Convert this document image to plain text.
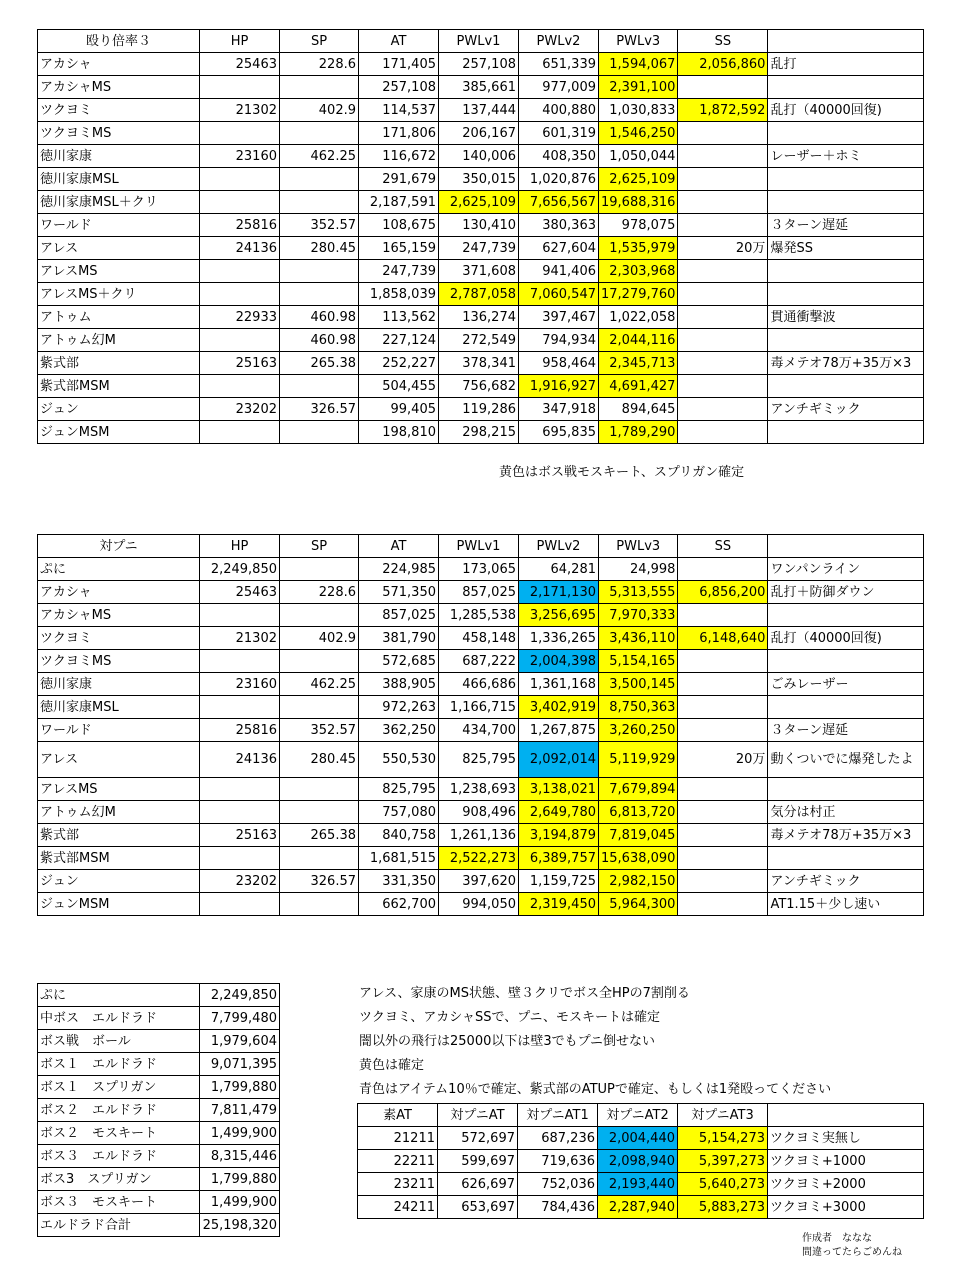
殴り倍率３	HP	SP	AT	PWLv1	PWLv2	PWLv3	SS	
アカシャ	25463	228.6	171,405	257,108	651,339	1,594,067	2,056,860	乱打
アカシャMS			257,108	385,661	977,009	2,391,100		
ツクヨミ	21302	402.9	114,537	137,444	400,880	1,030,833	1,872,592	乱打（40000回復)
ツクヨミMS			171,806	206,167	601,319	1,546,250		
徳川家康	23160	462.25	116,672	140,006	408,350	1,050,044		レーザー＋ホミ
徳川家康MSL			291,679	350,015	1,020,876	2,625,109		
徳川家康MSL＋クリ			2,187,591	2,625,109	7,656,567	19,688,316		
ワールド	25816	352.57	108,675	130,410	380,363	978,075		３ターン遅延
アレス	24136	280.45	165,159	247,739	627,604	1,535,979	20万	爆発SS
アレスMS			247,739	371,608	941,406	2,303,968		
アレスMS＋クリ			1,858,039	2,787,058	7,060,547	17,279,760		
アトゥム	22933	460.98	113,562	136,274	397,467	1,022,058		貫通衝撃波
アトゥム幻M		460.98	227,124	272,549	794,934	2,044,116		
紫式部	25163	265.38	252,227	378,341	958,464	2,345,713		毒メテオ78万+35万×3
紫式部MSM			504,455	756,682	1,916,927	4,691,427		
ジュン	23202	326.57	99,405	119,286	347,918	894,645		アンチギミック
ジュンMSM			198,810	298,215	695,835	1,789,290		
黄色はボス戦モスキート、スプリガン確定
対プニ	HP	SP	AT	PWLv1	PWLv2	PWLv3	SS	
ぷに	2,249,850		224,985	173,065	64,281	24,998		ワンパンライン
アカシャ	25463	228.6	571,350	857,025	2,171,130	5,313,555	6,856,200	乱打＋防御ダウン
アカシャMS			857,025	1,285,538	3,256,695	7,970,333		
ツクヨミ	21302	402.9	381,790	458,148	1,336,265	3,436,110	6,148,640	乱打（40000回復)
ツクヨミMS			572,685	687,222	2,004,398	5,154,165		
徳川家康	23160	462.25	388,905	466,686	1,361,168	3,500,145		ごみレーザー
徳川家康MSL			972,263	1,166,715	3,402,919	8,750,363		
ワールド	25816	352.57	362,250	434,700	1,267,875	3,260,250		３ターン遅延
アレス	24136	280.45	550,530	825,795	2,092,014	5,119,929	20万	動くついでに爆発したよ
アレスMS			825,795	1,238,693	3,138,021	7,679,894		
アトゥム幻M			757,080	908,496	2,649,780	6,813,720		気分は村正
紫式部	25163	265.38	840,758	1,261,136	3,194,879	7,819,045		毒メテオ78万+35万×3
紫式部MSM			1,681,515	2,522,273	6,389,757	15,638,090		
ジュン	23202	326.57	331,350	397,620	1,159,725	2,982,150		アンチギミック
ジュンMSM			662,700	994,050	2,319,450	5,964,300		AT1.15＋少し速い
ぷに	2,249,850
中ボス　エルドラド	7,799,480
ボス戦　ボール	1,979,604
ボス１　エルドラド	9,071,395
ボス１　スプリガン	1,799,880
ボス２　エルドラド	7,811,479
ボス２　モスキート	1,499,900
ボス３　エルドラド	8,315,446
ボス3　スプリガン	1,799,880
ボス３　モスキート	1,499,900
エルドラド合計	25,198,320
アレス、家康のMS状態、壁３クリでボス全HPの7割削る
ツクヨミ、アカシャSSで、プニ、モスキートは確定
闇以外の飛行は25000以下は壁3でもプニ倒せない
黄色は確定
青色はアイテム10％で確定、紫式部のATUPで確定、もしくは1発殴ってください
素AT	対プニAT	対プニAT1	対プニAT2	対プニAT3	
21211	572,697	687,236	2,004,440	5,154,273	ツクヨミ実無し
22211	599,697	719,636	2,098,940	5,397,273	ツクヨミ+1000
23211	626,697	752,036	2,193,440	5,640,273	ツクヨミ+2000
24211	653,697	784,436	2,287,940	5,883,273	ツクヨミ+3000
作成者　ななな
間違ってたらごめんね
